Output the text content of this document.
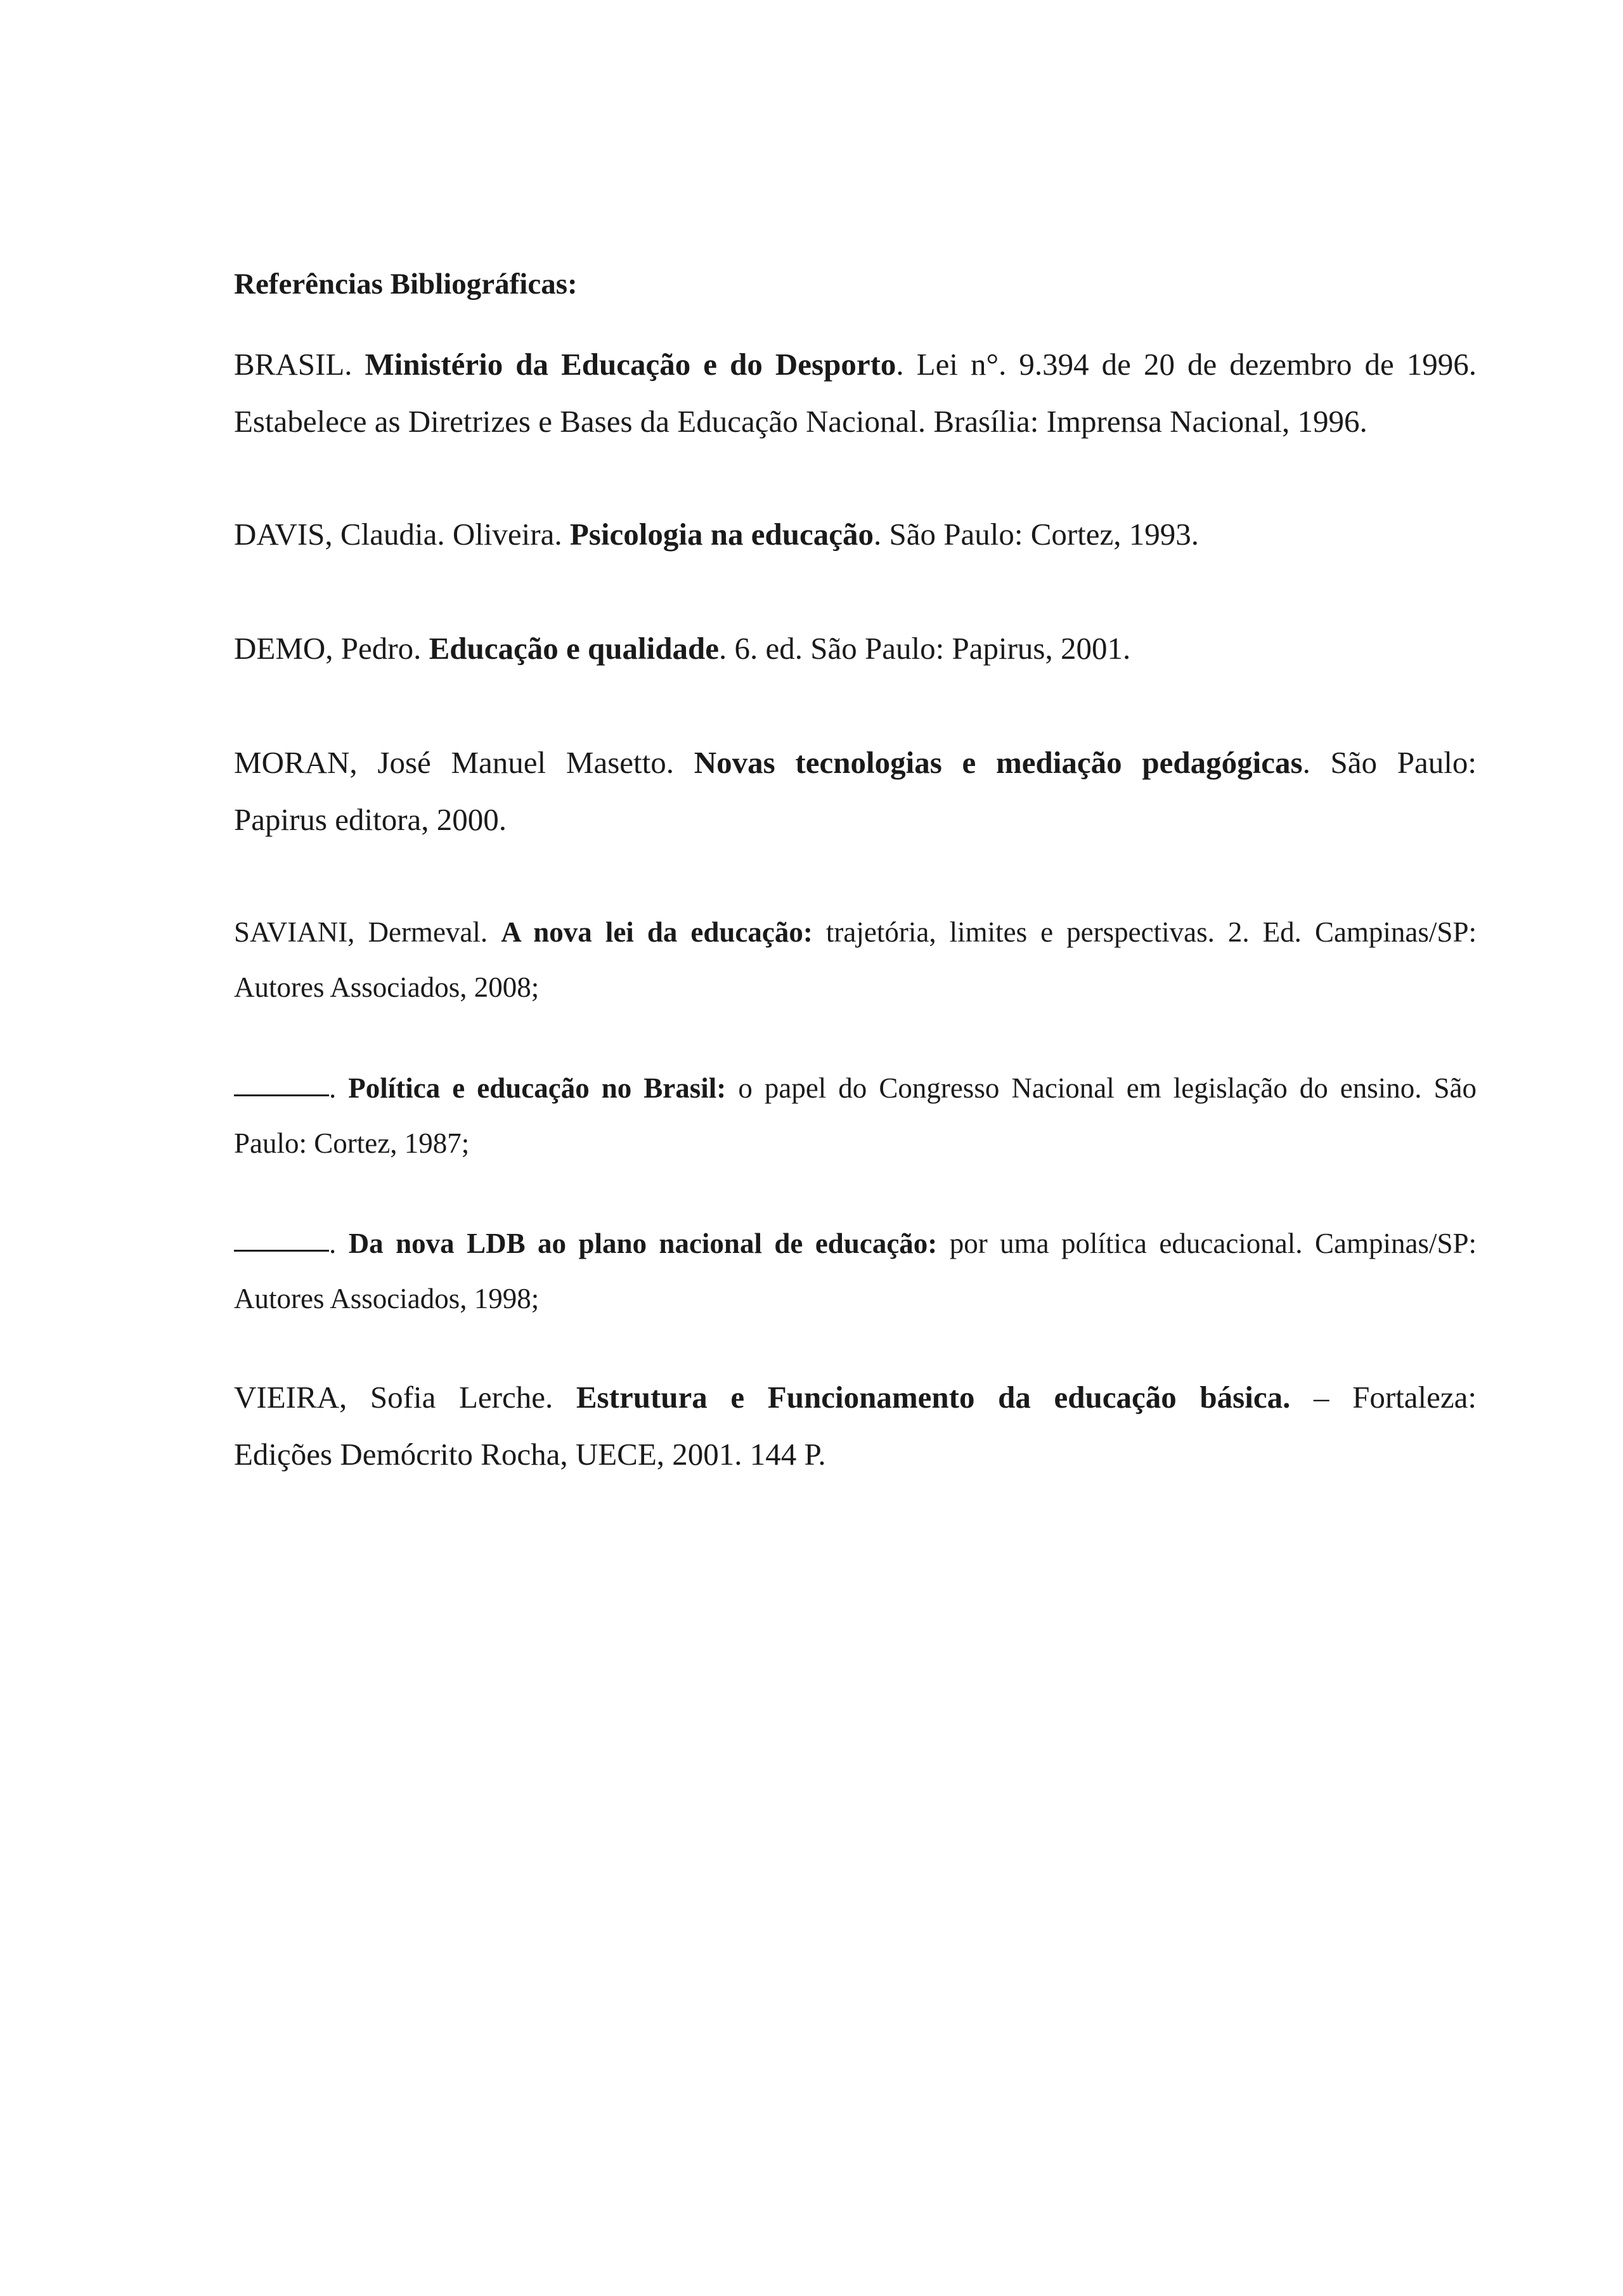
Referências Bibliográficas:
BRASIL. Ministério da Educação e do Desporto. Lei n°. 9.394 de 20 de dezembro de 1996.
Estabelece as Diretrizes e Bases da Educação Nacional. Brasília: Imprensa Nacional, 1996.
DAVIS, Claudia. Oliveira. Psicologia na educação. São Paulo: Cortez, 1993.
DEMO, Pedro. Educação e qualidade. 6. ed. São Paulo: Papirus, 2001.
MORAN, José Manuel Masetto. Novas tecnologias e mediação pedagógicas. São Paulo:
Papirus editora, 2000.
SAVIANI, Dermeval. A nova lei da educação: trajetória, limites e perspectivas. 2. Ed. Campinas/SP:
Autores Associados, 2008;
. Política e educação no Brasil: o papel do Congresso Nacional em legislação do ensino. São
Paulo: Cortez, 1987;
. Da nova LDB ao plano nacional de educação: por uma política educacional. Campinas/SP:
Autores Associados, 1998;
VIEIRA, Sofia Lerche. Estrutura e Funcionamento da educação básica. – Fortaleza:
Edições Demócrito Rocha, UECE, 2001. 144 P.
